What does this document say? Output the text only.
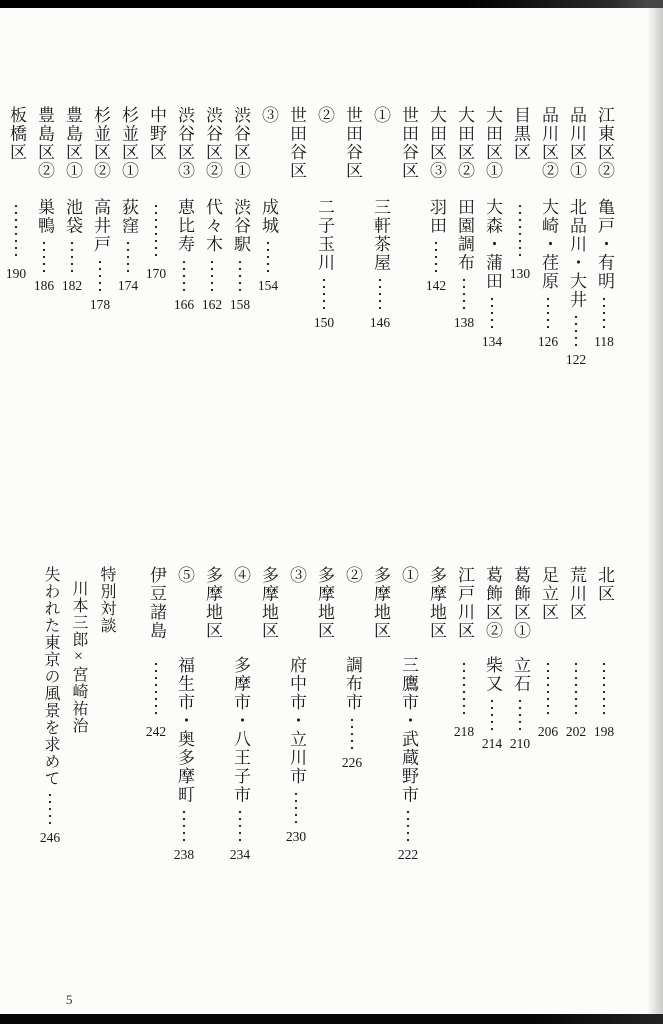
江東区②亀戸・有明118
品川区①北品川・大井122
品川区②大崎・荏原126
目黒区130
大田区①大森・蒲田134
大田区②田園調布138
大田区③羽田142
世田谷区①三軒茶屋146
世田谷区②二子玉川150
世田谷区③成城154
渋谷区①渋谷駅158
渋谷区②代々木162
渋谷区③恵比寿166
中野区170
杉並区①荻窪174
杉並区②高井戸178
豊島区①池袋182
豊島区②巣鴨186
板橋区190
北区198
荒川区202
足立区206
葛飾区①立石210
葛飾区②柴又214
江戸川区218
多摩地区①三鷹市・武蔵野市222
多摩地区②調布市226
多摩地区③府中市・立川市230
多摩地区④多摩市・八王子市234
多摩地区⑤福生市・奥多摩町238
伊豆諸島242
特別対談
川本三郎×宮崎祐治
失われた東京の風景を求めて246
5
